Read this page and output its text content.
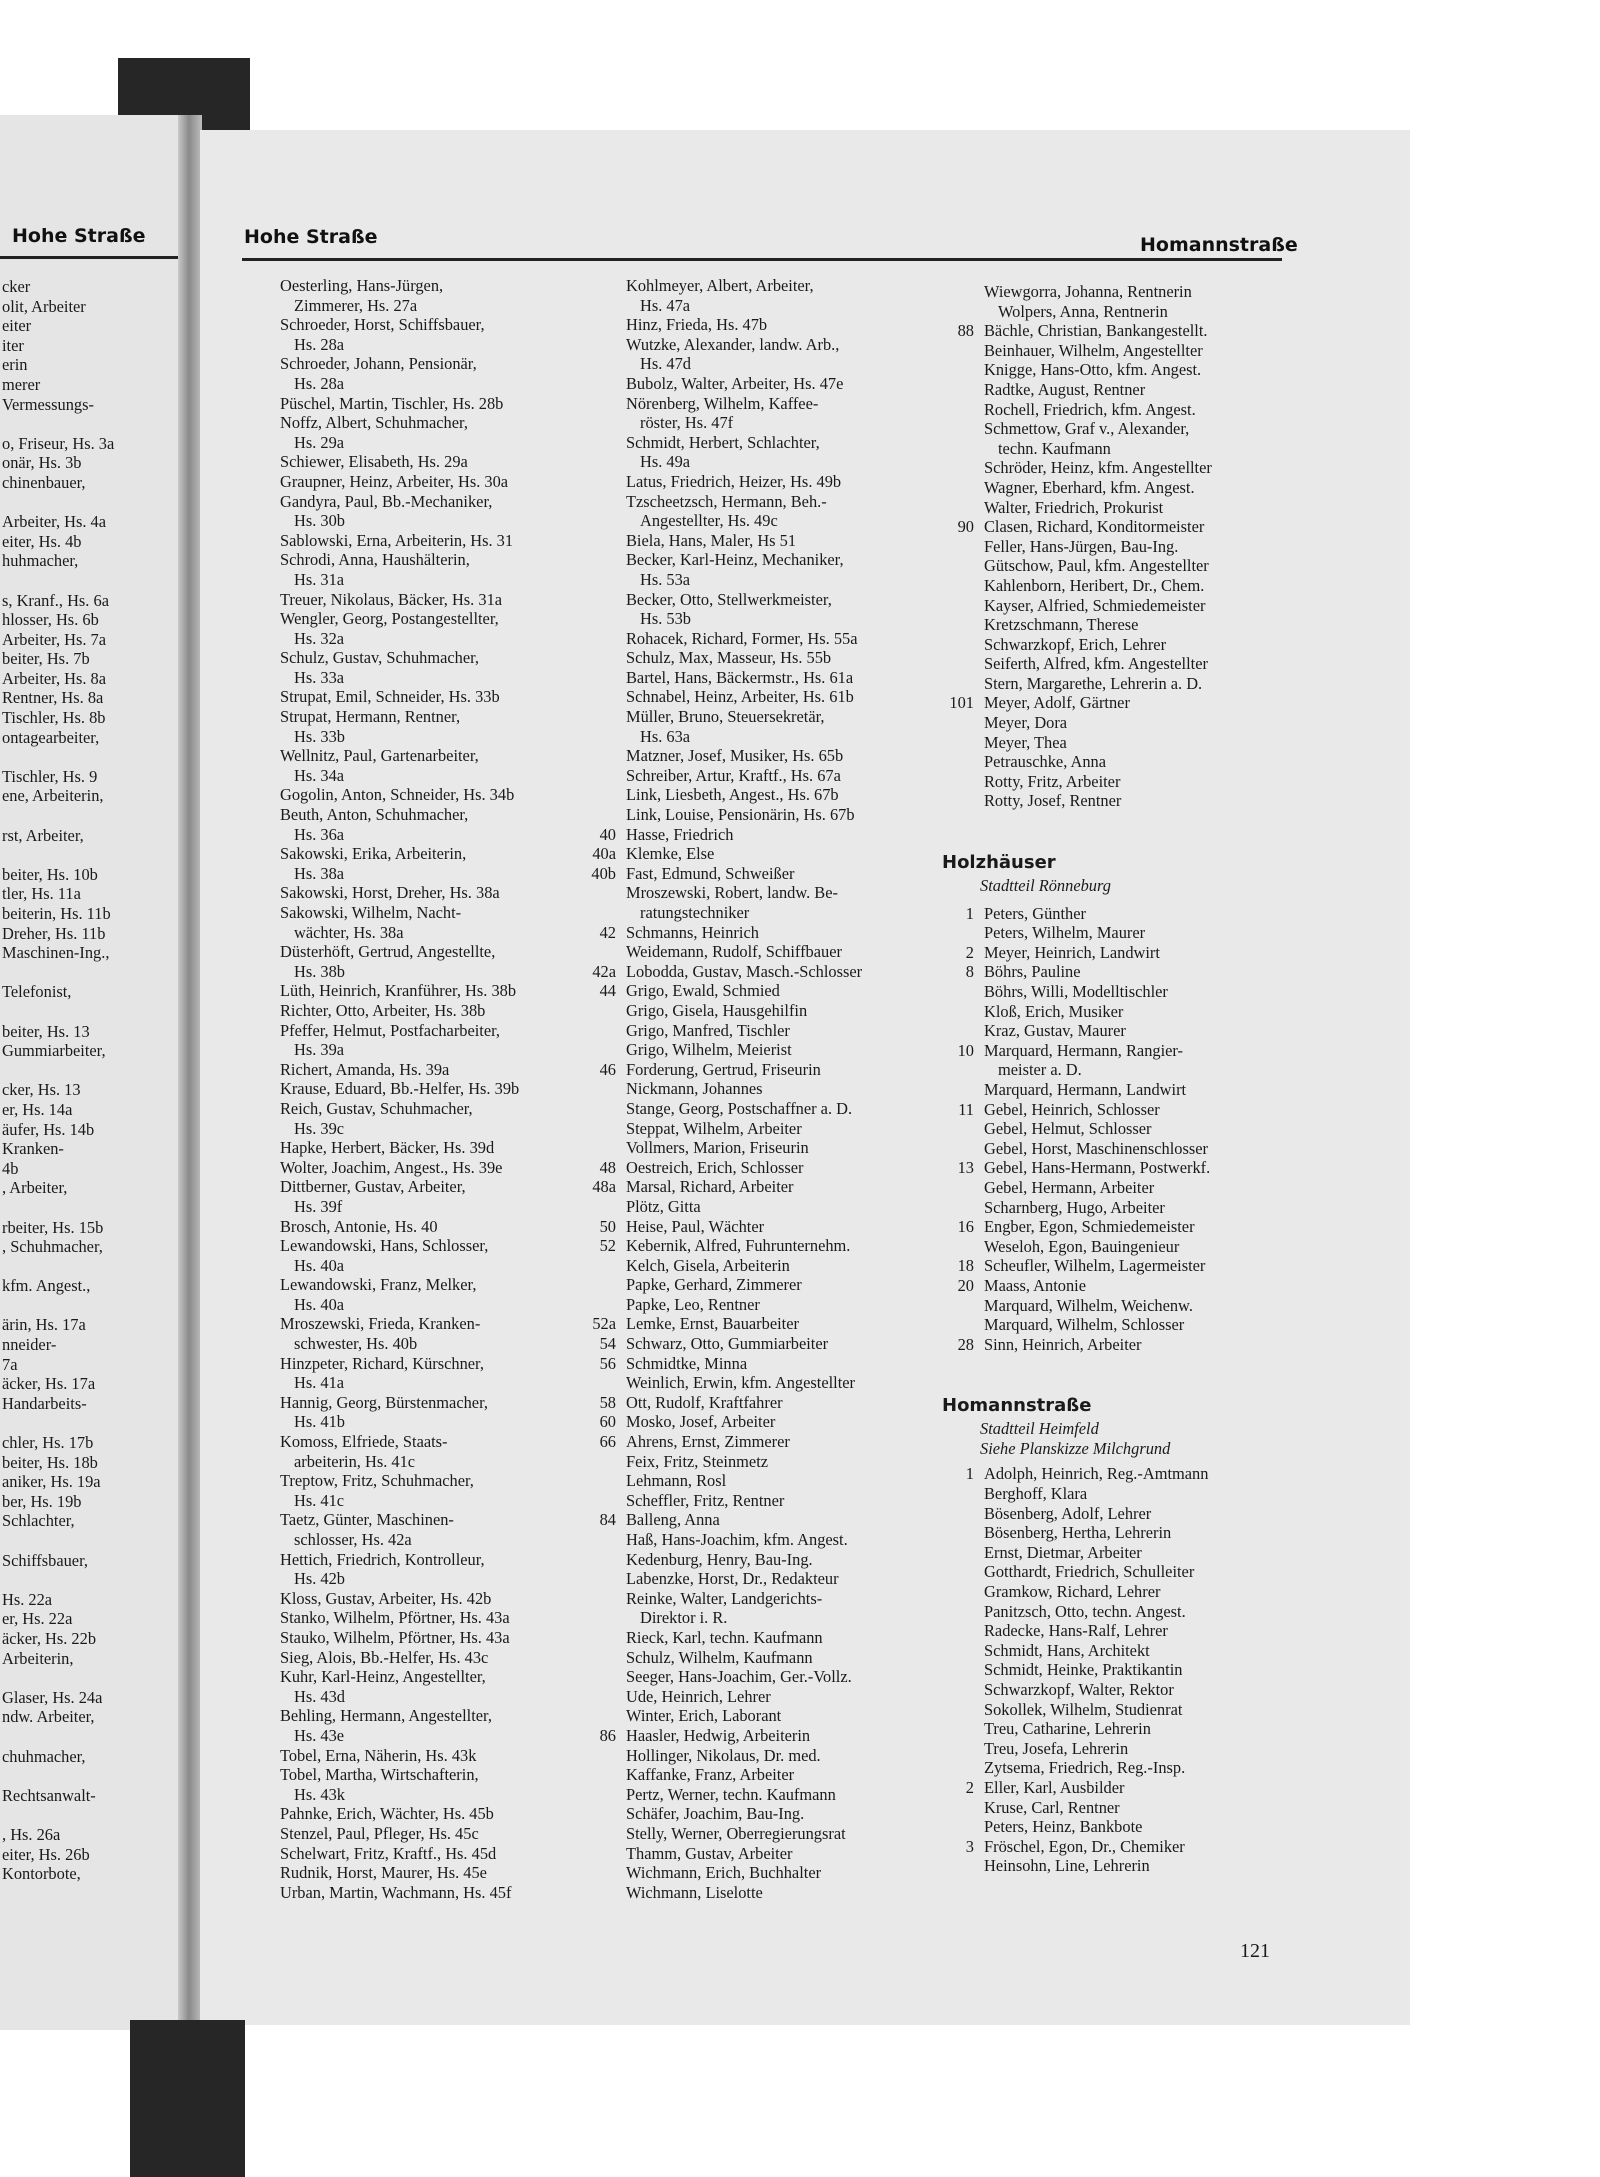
Hohe Straße
cker
olit, Arbeiter
eiter
iter
erin
merer
Vermessungs-
o, Friseur, Hs. 3a
onär, Hs. 3b
chinenbauer,
Arbeiter, Hs. 4a
eiter, Hs. 4b
huhmacher,
s, Kranf., Hs. 6a
hlosser, Hs. 6b
Arbeiter, Hs. 7a
beiter, Hs. 7b
Arbeiter, Hs. 8a
Rentner, Hs. 8a
Tischler, Hs. 8b
ontagearbeiter,
Tischler, Hs. 9
ene, Arbeiterin,
rst, Arbeiter,
beiter, Hs. 10b
tler, Hs. 11a
beiterin, Hs. 11b
Dreher, Hs. 11b
Maschinen-Ing.,
Telefonist,
beiter, Hs. 13
Gummiarbeiter,
cker, Hs. 13
er, Hs. 14a
äufer, Hs. 14b
Kranken-
4b
, Arbeiter,
rbeiter, Hs. 15b
, Schuhmacher,
kfm. Angest.,
ärin, Hs. 17a
nneider-
7a
äcker, Hs. 17a
Handarbeits-
chler, Hs. 17b
beiter, Hs. 18b
aniker, Hs. 19a
ber, Hs. 19b
Schlachter,
Schiffsbauer,
Hs. 22a
er, Hs. 22a
äcker, Hs. 22b
Arbeiterin,
Glaser, Hs. 24a
ndw. Arbeiter,
chuhmacher,
Rechtsanwalt-
, Hs. 26a
eiter, Hs. 26b
Kontorbote,
Hohe Straße	Homannstraße
Oesterling, Hans-Jürgen,
Zimmerer, Hs. 27a
Schroeder, Horst, Schiffsbauer,
Hs. 28a
Schroeder, Johann, Pensionär,
Hs. 28a
Püschel, Martin, Tischler, Hs. 28b
Noffz, Albert, Schuhmacher,
Hs. 29a
Schiewer, Elisabeth, Hs. 29a
Graupner, Heinz, Arbeiter, Hs. 30a
Gandyra, Paul, Bb.-Mechaniker,
Hs. 30b
Sablowski, Erna, Arbeiterin, Hs. 31
Schrodi, Anna, Haushälterin,
Hs. 31a
Treuer, Nikolaus, Bäcker, Hs. 31a
Wengler, Georg, Postangestellter,
Hs. 32a
Schulz, Gustav, Schuhmacher,
Hs. 33a
Strupat, Emil, Schneider, Hs. 33b
Strupat, Hermann, Rentner,
Hs. 33b
Wellnitz, Paul, Gartenarbeiter,
Hs. 34a
Gogolin, Anton, Schneider, Hs. 34b
Beuth, Anton, Schuhmacher,
Hs. 36a
Sakowski, Erika, Arbeiterin,
Hs. 38a
Sakowski, Horst, Dreher, Hs. 38a
Sakowski, Wilhelm, Nacht-
wächter, Hs. 38a
Düsterhöft, Gertrud, Angestellte,
Hs. 38b
Lüth, Heinrich, Kranführer, Hs. 38b
Richter, Otto, Arbeiter, Hs. 38b
Pfeffer, Helmut, Postfacharbeiter,
Hs. 39a
Richert, Amanda, Hs. 39a
Krause, Eduard, Bb.-Helfer, Hs. 39b
Reich, Gustav, Schuhmacher,
Hs. 39c
Hapke, Herbert, Bäcker, Hs. 39d
Wolter, Joachim, Angest., Hs. 39e
Dittberner, Gustav, Arbeiter,
Hs. 39f
Brosch, Antonie, Hs. 40
Lewandowski, Hans, Schlosser,
Hs. 40a
Lewandowski, Franz, Melker,
Hs. 40a
Mroszewski, Frieda, Kranken-
schwester, Hs. 40b
Hinzpeter, Richard, Kürschner,
Hs. 41a
Hannig, Georg, Bürstenmacher,
Hs. 41b
Komoss, Elfriede, Staats-
arbeiterin, Hs. 41c
Treptow, Fritz, Schuhmacher,
Hs. 41c
Taetz, Günter, Maschinen-
schlosser, Hs. 42a
Hettich, Friedrich, Kontrolleur,
Hs. 42b
Kloss, Gustav, Arbeiter, Hs. 42b
Stanko, Wilhelm, Pförtner, Hs. 43a
Stauko, Wilhelm, Pförtner, Hs. 43a
Sieg, Alois, Bb.-Helfer, Hs. 43c
Kuhr, Karl-Heinz, Angestellter,
Hs. 43d
Behling, Hermann, Angestellter,
Hs. 43e
Tobel, Erna, Näherin, Hs. 43k
Tobel, Martha, Wirtschafterin,
Hs. 43k
Pahnke, Erich, Wächter, Hs. 45b
Stenzel, Paul, Pfleger, Hs. 45c
Schelwart, Fritz, Kraftf., Hs. 45d
Rudnik, Horst, Maurer, Hs. 45e
Urban, Martin, Wachmann, Hs. 45f
Kohlmeyer, Albert, Arbeiter,
Hs. 47a
Hinz, Frieda, Hs. 47b
Wutzke, Alexander, landw. Arb.,
Hs. 47d
Bubolz, Walter, Arbeiter, Hs. 47e
Nörenberg, Wilhelm, Kaffee-
röster, Hs. 47f
Schmidt, Herbert, Schlachter,
Hs. 49a
Latus, Friedrich, Heizer, Hs. 49b
Tzscheetzsch, Hermann, Beh.-
Angestellter, Hs. 49c
Biela, Hans, Maler, Hs 51
Becker, Karl-Heinz, Mechaniker,
Hs. 53a
Becker, Otto, Stellwerkmeister,
Hs. 53b
Rohacek, Richard, Former, Hs. 55a
Schulz, Max, Masseur, Hs. 55b
Bartel, Hans, Bäckermstr., Hs. 61a
Schnabel, Heinz, Arbeiter, Hs. 61b
Müller, Bruno, Steuersekretär,
Hs. 63a
Matzner, Josef, Musiker, Hs. 65b
Schreiber, Artur, Kraftf., Hs. 67a
Link, Liesbeth, Angest., Hs. 67b
Link, Louise, Pensionärin, Hs. 67b
40 Hasse, Friedrich
40a Klemke, Else
40b Fast, Edmund, Schweißer
Mroszewski, Robert, landw. Be-
ratungstechniker
42 Schmanns, Heinrich
Weidemann, Rudolf, Schiffbauer
42a Lobodda, Gustav, Masch.-Schlosser
44 Grigo, Ewald, Schmied
Grigo, Gisela, Hausgehilfin
Grigo, Manfred, Tischler
Grigo, Wilhelm, Meierist
46 Forderung, Gertrud, Friseurin
Nickmann, Johannes
Stange, Georg, Postschaffner a. D.
Steppat, Wilhelm, Arbeiter
Vollmers, Marion, Friseurin
48 Oestreich, Erich, Schlosser
48a Marsal, Richard, Arbeiter
Plötz, Gitta
50 Heise, Paul, Wächter
52 Kebernik, Alfred, Fuhrunternehm.
Kelch, Gisela, Arbeiterin
Papke, Gerhard, Zimmerer
Papke, Leo, Rentner
52a Lemke, Ernst, Bauarbeiter
54 Schwarz, Otto, Gummiarbeiter
56 Schmidtke, Minna
Weinlich, Erwin, kfm. Angestellter
58 Ott, Rudolf, Kraftfahrer
60 Mosko, Josef, Arbeiter
66 Ahrens, Ernst, Zimmerer
Feix, Fritz, Steinmetz
Lehmann, Rosl
Scheffler, Fritz, Rentner
84 Balleng, Anna
Haß, Hans-Joachim, kfm. Angest.
Kedenburg, Henry, Bau-Ing.
Labenzke, Horst, Dr., Redakteur
Reinke, Walter, Landgerichts-
Direktor i. R.
Rieck, Karl, techn. Kaufmann
Schulz, Wilhelm, Kaufmann
Seeger, Hans-Joachim, Ger.-Vollz.
Ude, Heinrich, Lehrer
Winter, Erich, Laborant
86 Haasler, Hedwig, Arbeiterin
Hollinger, Nikolaus, Dr. med.
Kaffanke, Franz, Arbeiter
Pertz, Werner, techn. Kaufmann
Schäfer, Joachim, Bau-Ing.
Stelly, Werner, Oberregierungsrat
Thamm, Gustav, Arbeiter
Wichmann, Erich, Buchhalter
Wichmann, Liselotte
Wiewgorra, Johanna, Rentnerin
Wolpers, Anna, Rentnerin
88 Bächle, Christian, Bankangestellt.
Beinhauer, Wilhelm, Angestellter
Knigge, Hans-Otto, kfm. Angest.
Radtke, August, Rentner
Rochell, Friedrich, kfm. Angest.
Schmettow, Graf v., Alexander,
techn. Kaufmann
Schröder, Heinz, kfm. Angestellter
Wagner, Eberhard, kfm. Angest.
Walter, Friedrich, Prokurist
90 Clasen, Richard, Konditormeister
Feller, Hans-Jürgen, Bau-Ing.
Gütschow, Paul, kfm. Angestellter
Kahlenborn, Heribert, Dr., Chem.
Kayser, Alfried, Schmiedemeister
Kretzschmann, Therese
Schwarzkopf, Erich, Lehrer
Seiferth, Alfred, kfm. Angestellter
Stern, Margarethe, Lehrerin a. D.
101 Meyer, Adolf, Gärtner
Meyer, Dora
Meyer, Thea
Petrauschke, Anna
Rotty, Fritz, Arbeiter
Rotty, Josef, Rentner
Holzhäuser
Stadtteil Rönneburg
1 Peters, Günther
Peters, Wilhelm, Maurer
2 Meyer, Heinrich, Landwirt
8 Böhrs, Pauline
Böhrs, Willi, Modelltischler
Kloß, Erich, Musiker
Kraz, Gustav, Maurer
10 Marquard, Hermann, Rangier-
meister a. D.
Marquard, Hermann, Landwirt
11 Gebel, Heinrich, Schlosser
Gebel, Helmut, Schlosser
Gebel, Horst, Maschinenschlosser
13 Gebel, Hans-Hermann, Postwerkf.
Gebel, Hermann, Arbeiter
Scharnberg, Hugo, Arbeiter
16 Engber, Egon, Schmiedemeister
Weseloh, Egon, Bauingenieur
18 Scheufler, Wilhelm, Lagermeister
20 Maass, Antonie
Marquard, Wilhelm, Weichenw.
Marquard, Wilhelm, Schlosser
28 Sinn, Heinrich, Arbeiter
Homannstraße
Stadtteil Heimfeld
Siehe Planskizze Milchgrund
1 Adolph, Heinrich, Reg.-Amtmann
Berghoff, Klara
Bösenberg, Adolf, Lehrer
Bösenberg, Hertha, Lehrerin
Ernst, Dietmar, Arbeiter
Gotthardt, Friedrich, Schulleiter
Gramkow, Richard, Lehrer
Panitzsch, Otto, techn. Angest.
Radecke, Hans-Ralf, Lehrer
Schmidt, Hans, Architekt
Schmidt, Heinke, Praktikantin
Schwarzkopf, Walter, Rektor
Sokollek, Wilhelm, Studienrat
Treu, Catharine, Lehrerin
Treu, Josefa, Lehrerin
Zytsema, Friedrich, Reg.-Insp.
2 Eller, Karl, Ausbilder
Kruse, Carl, Rentner
Peters, Heinz, Bankbote
3 Fröschel, Egon, Dr., Chemiker
Heinsohn, Line, Lehrerin
121
